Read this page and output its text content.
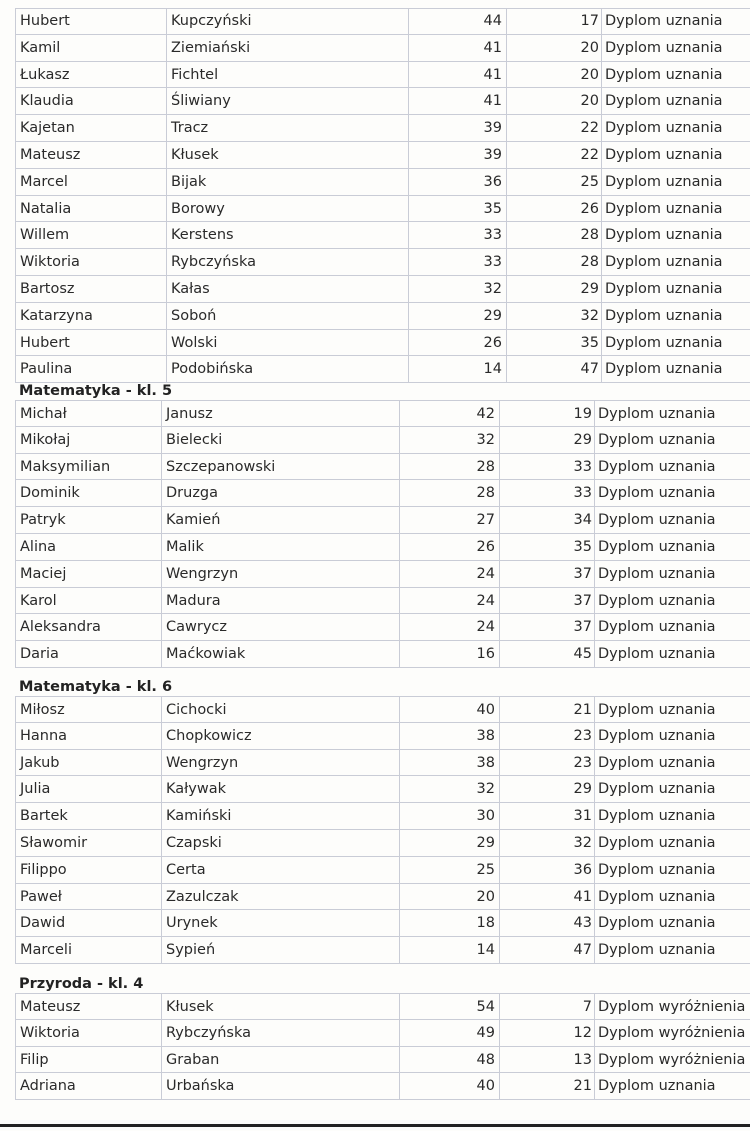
Hubert	Kupczyński	44	17 Dyplom uznania
Kamil	Ziemiański	41	20 Dyplom uznania
Łukasz	Fichtel	41	20 Dyplom uznania
Klaudia	Śliwiany	41	20 Dyplom uznania
Kajetan	Tracz	39	22 Dyplom uznania
Mateusz	Kłusek	39	22 Dyplom uznania
Marcel	Bijak	36	25 Dyplom uznania
Natalia	Borowy	35	26 Dyplom uznania
Willem	Kerstens	33	28 Dyplom uznania
Wiktoria	Rybczyńska	33	28 Dyplom uznania
Bartosz	Kałas	32	29 Dyplom uznania
Katarzyna	Soboń	29	32 Dyplom uznania
Hubert	Wolski	26	35 Dyplom uznania
Paulina	Podobińska	14	47 Dyplom uznania
Matematyka - kl. 5
Michał	Janusz	42	19 Dyplom uznania
Mikołaj	Bielecki	32	29 Dyplom uznania
Maksymilian	Szczepanowski	28	33 Dyplom uznania
Dominik	Druzga	28	33 Dyplom uznania
Patryk	Kamień	27	34 Dyplom uznania
Alina	Malik	26	35 Dyplom uznania
Maciej	Wengrzyn	24	37 Dyplom uznania
Karol	Madura	24	37 Dyplom uznania
Aleksandra	Cawrycz	24	37 Dyplom uznania
Daria	Maćkowiak	16	45 Dyplom uznania
Matematyka - kl. 6
Miłosz	Cichocki	40	21 Dyplom uznania
Hanna	Chopkowicz	38	23 Dyplom uznania
Jakub	Wengrzyn	38	23 Dyplom uznania
Julia	Kaływak	32	29 Dyplom uznania
Bartek	Kamiński	30	31 Dyplom uznania
Sławomir	Czapski	29	32 Dyplom uznania
Filippo	Certa	25	36 Dyplom uznania
Paweł	Zazulczak	20	41 Dyplom uznania
Dawid	Urynek	18	43 Dyplom uznania
Marceli	Sypień	14	47 Dyplom uznania
Przyroda - kl. 4
Mateusz	Kłusek	54	7 Dyplom wyróżnienia
Wiktoria	Rybczyńska	49	12 Dyplom wyróżnienia
Filip	Graban	48	13 Dyplom wyróżnienia
Adriana	Urbańska	40	21 Dyplom uznania
